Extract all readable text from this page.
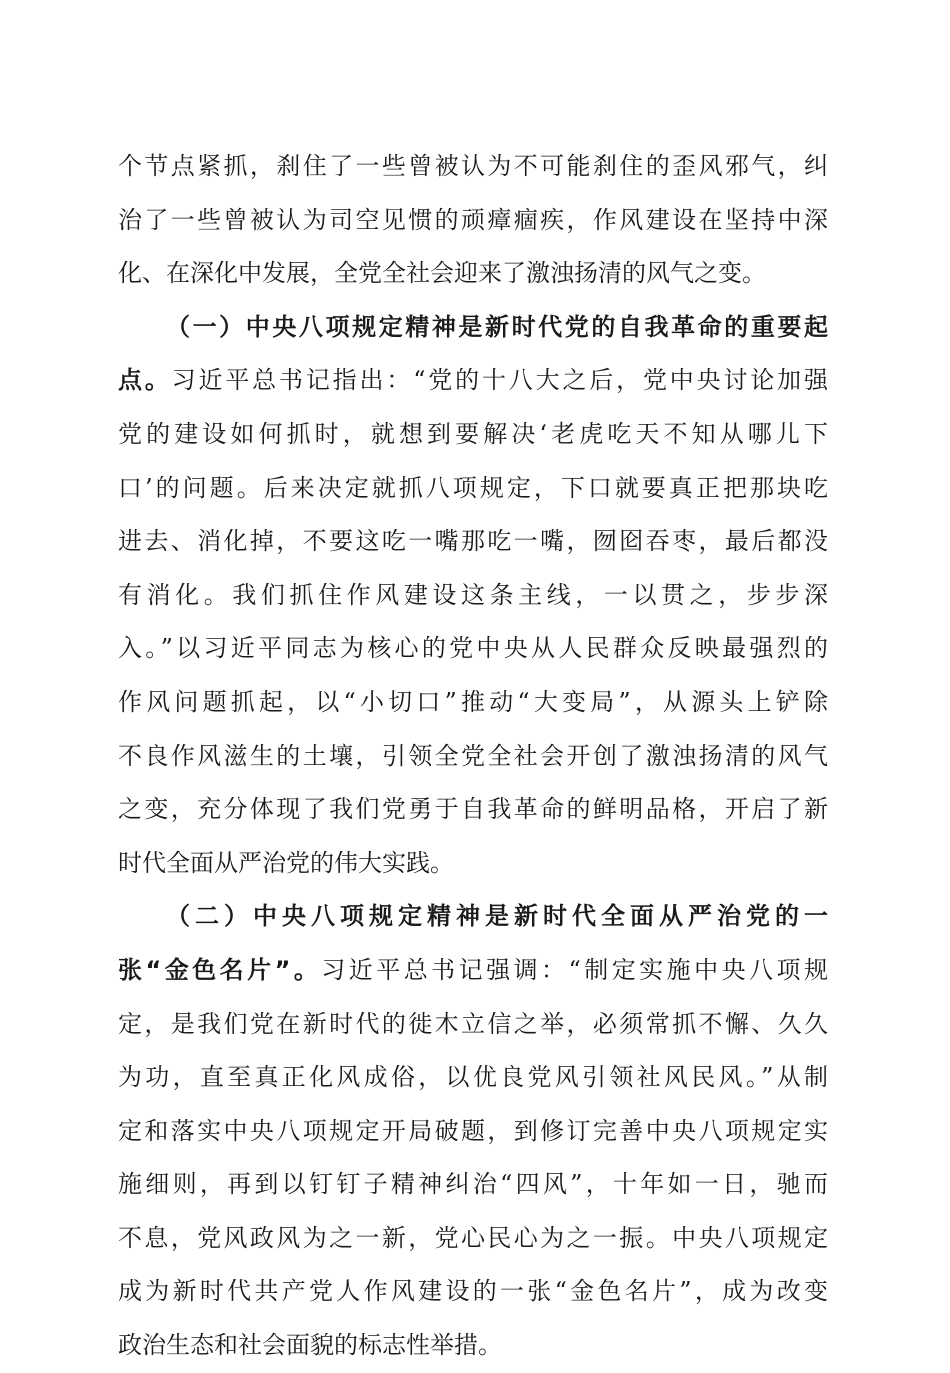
个节点紧抓，刹住了一些曾被认为不可能刹住的歪风邪气，纠
治了一些曾被认为司空见惯的顽瘴痼疾，作风建设在坚持中深
化、在深化中发展，全党全社会迎来了激浊扬清的风气之变。
（一）中央八项规定精神是新时代党的自我革命的重要起
点。习近平总书记指出：“党的十八大之后，党中央讨论加强
党的建设如何抓时，就想到要解决‘老虎吃天不知从哪儿下
口’的问题。后来决定就抓八项规定，下口就要真正把那块吃
进去、消化掉，不要这吃一嘴那吃一嘴，囫囵吞枣，最后都没
有消化。我们抓住作风建设这条主线，一以贯之，步步深
入。”以习近平同志为核心的党中央从人民群众反映最强烈的
作风问题抓起，以“小切口”推动“大变局”，从源头上铲除
不良作风滋生的土壤，引领全党全社会开创了激浊扬清的风气
之变，充分体现了我们党勇于自我革命的鲜明品格，开启了新
时代全面从严治党的伟大实践。
（二）中央八项规定精神是新时代全面从严治党的一
张“金色名片”。习近平总书记强调：“制定实施中央八项规
定，是我们党在新时代的徙木立信之举，必须常抓不懈、久久
为功，直至真正化风成俗，以优良党风引领社风民风。”从制
定和落实中央八项规定开局破题，到修订完善中央八项规定实
施细则，再到以钉钉子精神纠治“四风”，十年如一日，驰而
不息，党风政风为之一新，党心民心为之一振。中央八项规定
成为新时代共产党人作风建设的一张“金色名片”，成为改变
政治生态和社会面貌的标志性举措。
